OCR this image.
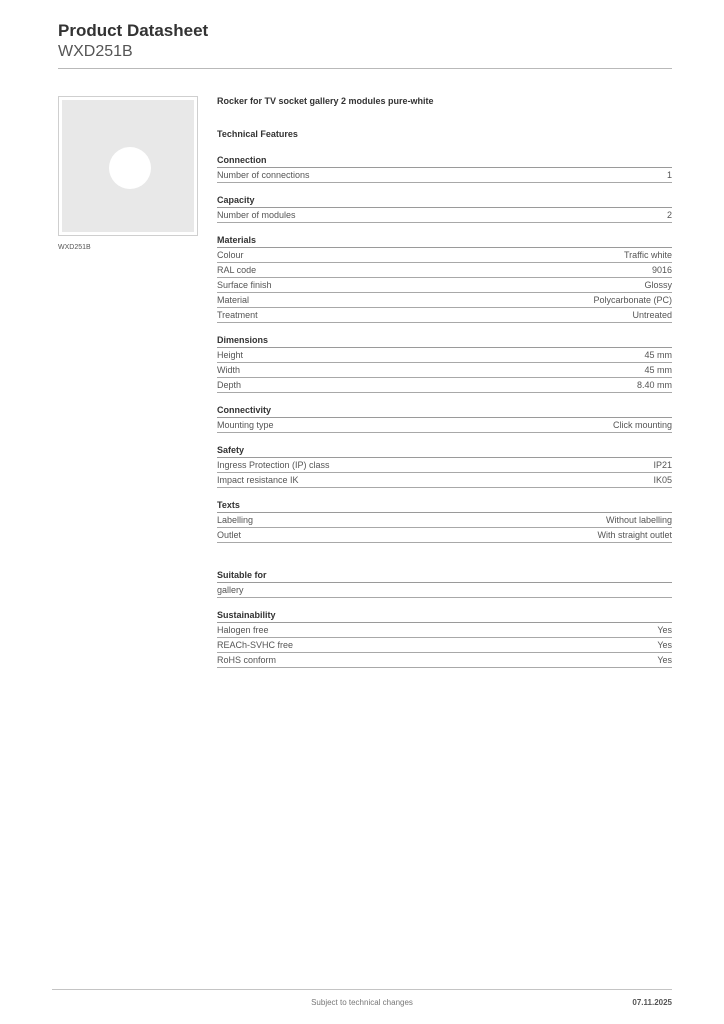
Product Datasheet
WXD251B
WXD251B
Rocker for TV socket gallery 2 modules pure-white
Technical Features
Connection
Number of connections	1
Capacity
Number of modules	2
Materials
Colour	Traffic white
RAL code	9016
Surface finish	Glossy
Material	Polycarbonate (PC)
Treatment	Untreated
Dimensions
Height	45 mm
Width	45 mm
Depth	8.40 mm
Connectivity
Mounting type	Click mounting
Safety
Ingress Protection (IP) class	IP21
Impact resistance IK	IK05
Texts
Labelling	Without labelling
Outlet	With straight outlet
Suitable for
gallery
Sustainability
Halogen free	Yes
REACh-SVHC free	Yes
RoHS conform	Yes
Subject to technical changes	07.11.2025
